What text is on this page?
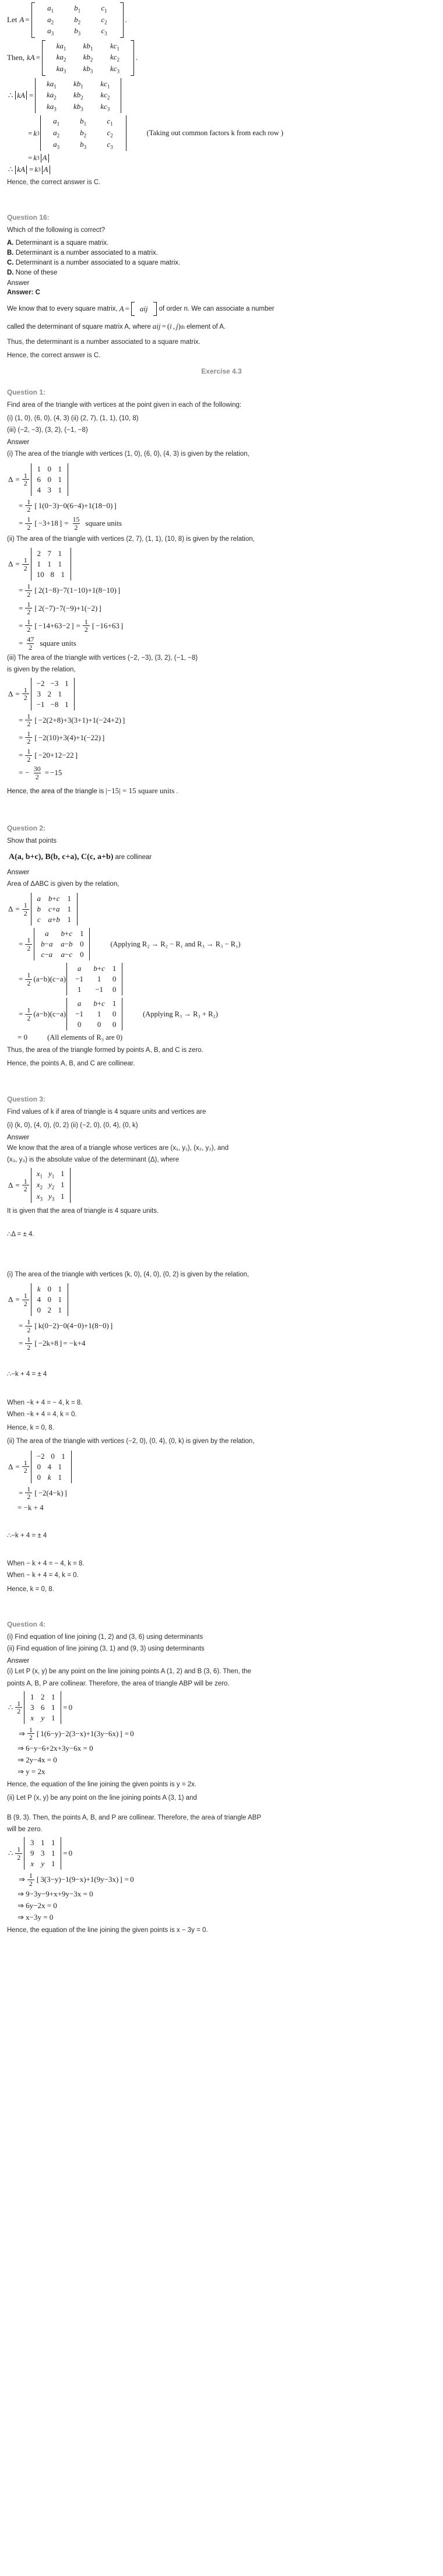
Let A =
$a_1$	$b_1$	$c_1$
$a_2$	$b_2$	$c_2$
$a_3$	$b_3$	$c_3$
.
Then, kA =
$ka_1$	$kb_1$	$kc_1$
$ka_2$	$kb_2$	$kc_2$
$ka_3$	$kb_3$	$kc_3$
.
∴ kA =
$ka_1$	$kb_1$	$kc_1$
$ka_2$	$kb_2$	$kc_2$
$ka_3$	$kb_3$	$kc_3$
= k 3
$a_1$	$b_1$	$c_1$
$a_2$	$b_2$	$c_2$
$a_3$	$b_3$	$c_3$
(Taking out common factors k from each row )
= k 3 A
∴ kA = k 3 A
Hence, the correct answer is C.
Question 16:
Which of the following is correct?
A. Determinant is a square matrix.
B. Determinant is a number associated to a matrix.
C. Determinant is a number associated to a square matrix.
D. None of these
Answer
Answer: C
We know that to every square matrix, A =	aij	of order n. We can associate a number
called the determinant of square matrix A, where aij = ( i , j ) th element of A.
Thus, the determinant is a number associated to a square matrix.
Hence, the correct answer is C.
Exercise 4.3
Question 1:
Find area of the triangle with vertices at the point given in each of the following:
(i) (1, 0), (6, 0), (4, 3) (ii) (2, 7), (1, 1), (10, 8)
(iii) (−2, −3), (3, 2), (−1, −8)
Answer
(i) The area of the triangle with vertices (1, 0), (6, 0), (4, 3) is given by the relation,
$\Delta = \frac{1}{2}$
1 0 1
6 0 1
4 3 1
= $\frac{1}{2}$ [ 1(0−3)−0(6−4)+1(18−0) ]
= $\frac{1}{2}$ [ −3+18 ] = $\frac{15}{2}$ square units
(ii) The area of the triangle with vertices (2, 7), (1, 1), (10, 8) is given by the relation,
$\Delta = \frac{1}{2}$
2 7 1
1 1 1
10 8 1
= $\frac{1}{2}$ [ 2(1−8)−7(1−10)+1(8−10) ]
= $\frac{1}{2}$ [ 2(−7)−7(−9)+1(−2) ]
= $\frac{1}{2}$ [ −14+63−2 ] = $\frac{1}{2}$ [ −16+63 ]
= $\frac{47}{2}$ square units
(iii) The area of the triangle with vertices (−2, −3), (3, 2), (−1, −8)
is given by the relation,
$\Delta = \frac{1}{2}$
−2 −3 1
3 2 1
−1 −8 1
= $\frac{1}{2}$ [ −2(2+8)+3(3+1)+1(−24+2) ]
= $\frac{1}{2}$ [ −2(10)+3(4)+1(−22) ]
= $\frac{1}{2}$ [ −20+12−22 ]
= − $\frac{30}{2} = -15$
Hence, the area of the triangle is |−15| = 15 square units .
Question 2:
Show that points
A(a, b+c), B(b, c+a), C(c, a+b) are collinear
Answer
Area of ΔABC is given by the relation,
$\Delta = \frac{1}{2}$
a b+c 1
b c+a 1
c a+b 1
= $\frac{1}{2}$
a	b+c 1
b−a	a−b 0
c−a	a−c 0
(Applying R₂ → R₂ − R₁ and R₃ → R₃ − R₁)
= $\frac{1}{2} (a-b)(c-a)$
a	b+c 1
−1	1	0
1	−1	0
= $\frac{1}{2} (a-b)(c-a)$
a	b+c 1
−1	1	0
0	0	0
(Applying R₃ → R₃ + R₂)
= 0	(All elements of R₃ are 0)
Thus, the area of the triangle formed by points A, B, and C is zero.
Hence, the points A, B, and C are collinear.
Question 3:
Find values of k if area of triangle is 4 square units and vertices are
(i) (k, 0), (4, 0), (0, 2) (ii) (−2, 0), (0, 4), (0, k)
Answer
We know that the area of a triangle whose vertices are (x₁, y₁), (x₂, y₂), and
(x₃, y₃) is the absolute value of the determinant (Δ), where
$\Delta = \frac{1}{2}$
$x_1$ $y_1$ 1
$x_2$ $y_2$ 1
$x_3$ $y_3$ 1
It is given that the area of triangle is 4 square units.
∴Δ = ± 4.
(i) The area of the triangle with vertices (k, 0), (4, 0), (0, 2) is given by the relation,
$\Delta = \frac{1}{2}$
k 0 1
4 0 1
0 2 1
= $\frac{1}{2}$ [ k(0−2)−0(4−0)+1(8−0) ]
= $\frac{1}{2}$ [ −2k+8 ] = −k+4
∴−k + 4 = ± 4
When −k + 4 = − 4, k = 8.
When −k + 4 = 4, k = 0.
Hence, k = 0, 8.
(ii) The area of the triangle with vertices (−2, 0), (0, 4), (0, k) is given by the relation,
$\Delta = \frac{1}{2}$
−2 0 1
0 4 1
0 k 1
= $\frac{1}{2}$ [ −2(4−k) ]
= −k + 4
∴−k + 4 = ± 4
When − k + 4 = − 4, k = 8.
When − k + 4 = 4, k = 0.
Hence, k = 0, 8.
Question 4:
(i) Find equation of line joining (1, 2) and (3, 6) using determinants
(ii) Find equation of line joining (3, 1) and (9, 3) using determinants
Answer
(i) Let P (x, y) be any point on the line joining points A (1, 2) and B (3, 6). Then, the
points A, B, P are collinear. Therefore, the area of triangle ABP will be zero.
∴ $\frac{1}{2}$
1 2 1
3 6 1
x y 1
= 0
⇒ $\frac{1}{2}$ [ 1(6−y)−2(3−x)+1(3y−6x) ] = 0
⇒ 6−y−6+2x+3y−6x = 0
⇒ 2y−4x = 0
⇒ y = 2x
Hence, the equation of the line joining the given points is y = 2x.
(ii) Let P (x, y) be any point on the line joining points A (3, 1) and
B (9, 3). Then, the points A, B, and P are collinear. Therefore, the area of triangle ABP
will be zero.
∴ $\frac{1}{2}$
3 1 1
9 3 1
x y 1
= 0
⇒ $\frac{1}{2}$ [ 3(3−y)−1(9−x)+1(9y−3x) ] = 0
⇒ 9−3y−9+x+9y−3x = 0
⇒ 6y−2x = 0
⇒ x−3y = 0
Hence, the equation of the line joining the given points is x − 3y = 0.
